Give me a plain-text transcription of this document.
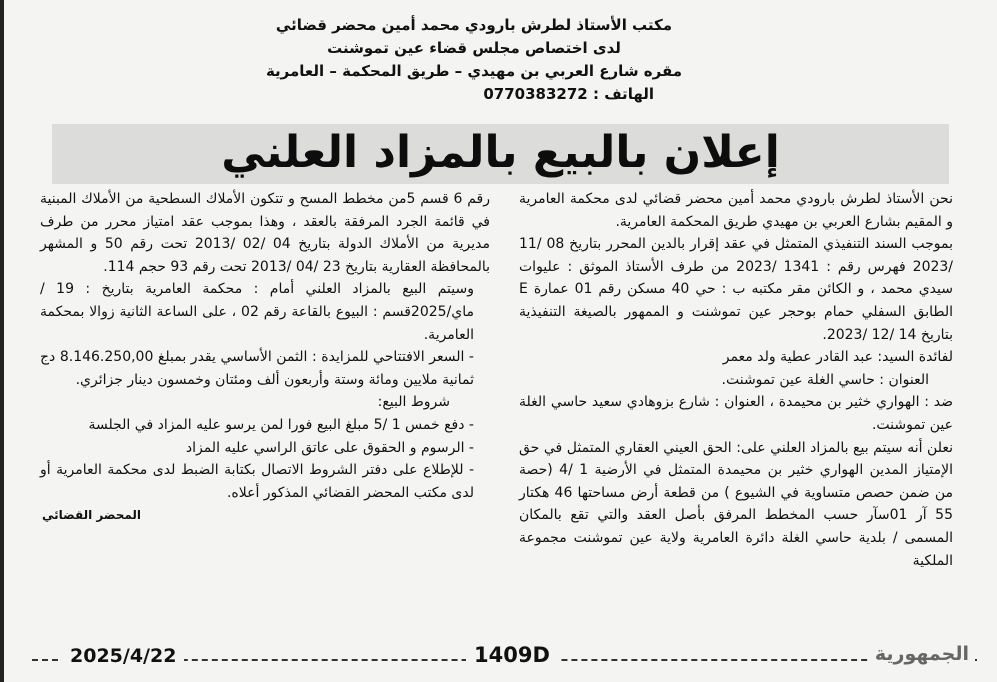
مكتب الأستاذ لطرش بارودي محمد أمين محضر قضائي

لدى اختصاص مجلس قضاء عين تموشنت

مقره شارع العربي بن مهيدي – طريق المحكمة – العامرية

الهاتف : 0770383272

إعلان بالبيع بالمزاد العلني

نحن الأستاذ لطرش بارودي محمد أمين محضر قضائي لدى محكمة العامرية و المقيم بشارع العربي بن مهيدي طريق المحكمة العامرية.

بموجب السند التنفيذي المتمثل في عقد إقرار بالدين المحرر بتاريخ 08 /11 /2023 فهرس رقم : 1341 /2023 من طرف الأستاذ الموثق : عليوات سيدي محمد ، و الكائن مقر مكتبه ب : حي 40 مسكن رقم 01 عمارة E الطابق السفلي حمام بوحجر عين تموشنت و الممهور بالصيغة التنفيذية بتاريخ 14 /12 /2023.

لفائدة السيد: عبد القادر عطية ولد معمر

العنوان : حاسي الغلة عين تموشنت.

ضد : الهواري خثير بن محيمدة ، العنوان : شارع بزوهادي سعيد حاسي الغلة عين تموشنت.

نعلن أنه سيتم بيع بالمزاد العلني على: الحق العيني العقاري المتمثل في حق الإمتياز المدين الهواري خثير بن محيمدة المتمثل في الأرضية 1 /4 (حصة من ضمن حصص متساوية في الشيوع ) من قطعة أرض مساحتها 46 هكتار 55 آر 01سآر حسب المخطط المرفق بأصل العقد والتي تقع بالمكان المسمى / بلدية حاسي الغلة دائرة العامرية ولاية عين تموشنت مجموعة الملكية

رقم 6 قسم 5من مخطط المسح و تتكون الأملاك السطحية من الأملاك المبنية في قائمة الجرد المرفقة بالعقد ، وهذا بموجب عقد امتياز محرر من طرف مديرية من الأملاك الدولة بتاريخ 04 /02 /2013 تحت رقم 50 و المشهر بالمحافظة العقارية بتاريخ 23 /04 /2013 تحت رقم 93 حجم 114.

وسيتم البيع بالمزاد العلني أمام : محكمة العامرية بتاريخ : 19 /ماي/2025قسم : البيوع بالقاعة رقم 02 ، على الساعة الثانية زوالا بمحكمة العامرية.

- السعر الافتتاحي للمزايدة : الثمن الأساسي يقدر بمبلغ 8.146.250,00 دج ثمانية ملايين ومائة وستة وأربعون ألف ومئتان وخمسون دينار جزائري.

شروط البيع:

- دفع خمس 1 /5 مبلغ البيع فورا لمن يرسو عليه المزاد في الجلسة

- الرسوم و الحقوق على عاتق الراسي عليه المزاد

- للإطلاع على دفتر الشروط الاتصال بكتابة الضبط لدى محكمة العامرية أو لدى مكتب المحضر القضائي المذكور أعلاه.

المحضر القضائي

2025/4/22	1409D	الجمهورية
